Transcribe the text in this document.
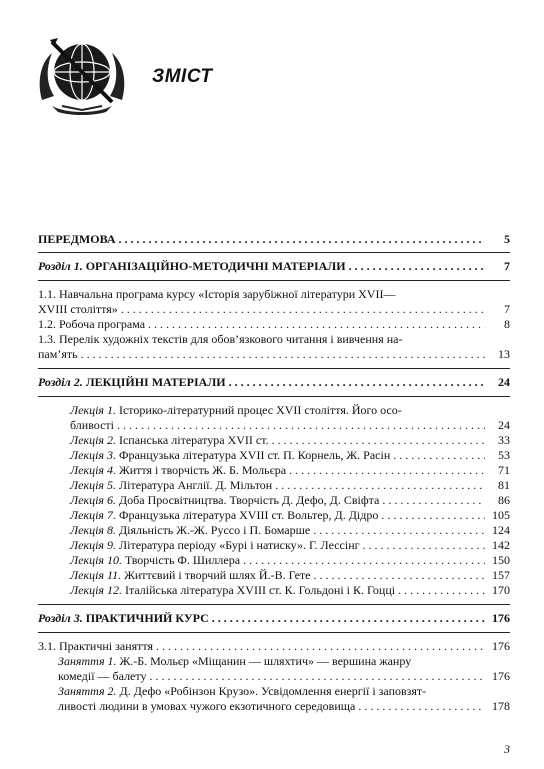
ЗМІСТ
ПЕРЕДМОВА . . .	5
Розділ 1. ОРГАНІЗАЦІЙНО-МЕТОДИЧНІ МАТЕРІАЛИ . . .	7
1.1. Навчальна програма курсу «Історія зарубіжної літератури XVII—
XVIII століття» . . .	7
1.2. Робоча програма . . .	8
1.3. Перелік художніх текстів для обов’язкового читання і вивчення на-
пам’ять . . .	13
Розділ 2. ЛЕКЦІЙНІ МАТЕРІАЛИ . . .	24
Лекція 1. Історико-літературний процес XVII століття. Його осо-
бливості . . .	24
Лекція 2. Іспанська література XVII ст. . . .	33
Лекція 3. Французька література XVII ст. П. Корнель, Ж. Расін . . .	53
Лекція 4. Життя і творчість Ж. Б. Мольєра . . .	71
Лекція 5. Література Англії. Д. Мільтон . . .	81
Лекція 6. Доба Просвітництва. Творчість Д. Дефо, Д. Свіфта . . .	86
Лекція 7. Французька література XVIII ст. Вольтер, Д. Дідро . . .	105
Лекція 8. Діяльність Ж.-Ж. Руссо і П. Бомарше . . .	124
Лекція 9. Література періоду «Бурі і натиску». Г. Лессінг . . .	142
Лекція 10. Творчість Ф. Шиллера . . .	150
Лекція 11. Життєвий і творчий шлях Й.-В. Гете . . .	157
Лекція 12. Італійська література XVIII ст. К. Гольдоні і К. Гоцці . . .	170
Розділ 3. ПРАКТИЧНИЙ КУРС . . .	176
3.1. Практичні заняття . . .	176
Заняття 1. Ж.-Б. Мольєр «Міщанин — шляхтич» — вершина жанру
комедії — балету . . .	176
Заняття 2. Д. Дефо «Робінзон Крузо». Усвідомлення енергії і заповзят-
ливості людини в умовах чужого екзотичного середовища . . .	178
3
